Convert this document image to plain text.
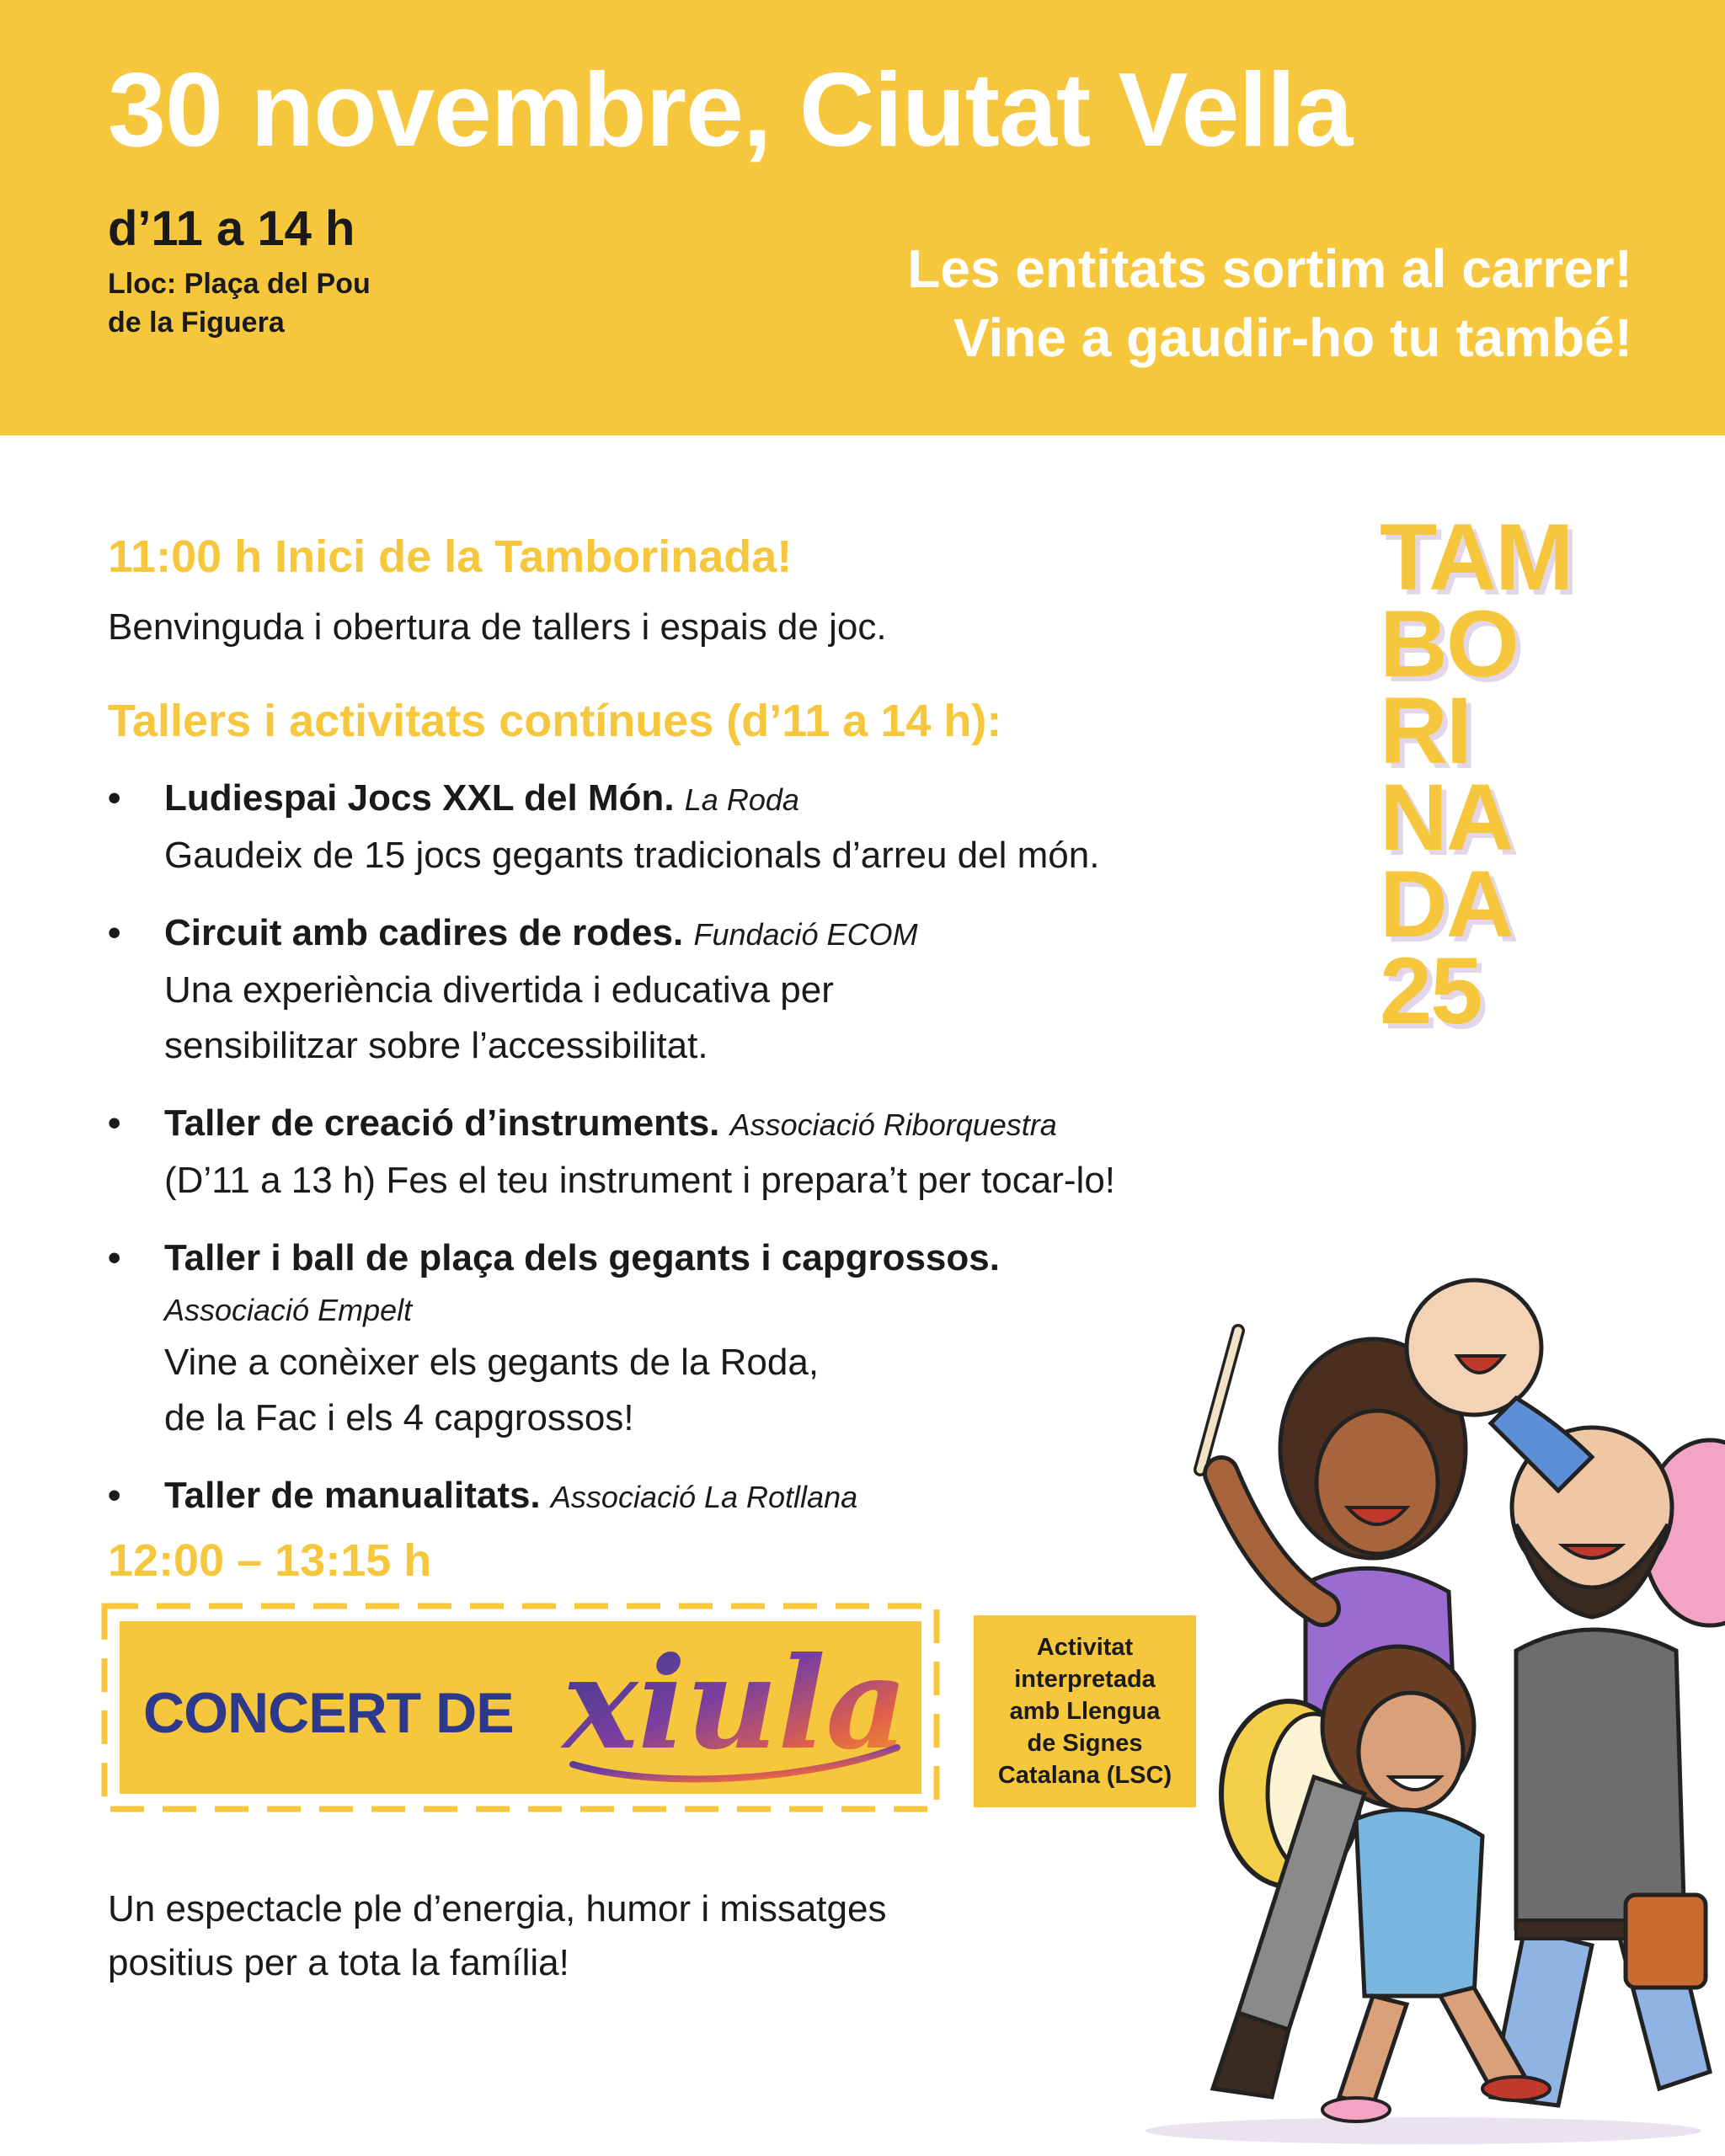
30 novembre, Ciutat Vella
d’11 a 14 h
Lloc: Plaça del Pou
de la Figuera
Les entitats sortim al carrer!
Vine a gaudir-ho tu també!
11:00 h Inici de la Tamborinada!
Benvinguda i obertura de tallers i espais de joc.
Tallers i activitats contínues (d’11 a 14 h):
• Ludiespai Jocs XXL del Món. La Roda
Gaudeix de 15 jocs gegants tradicionals d’arreu del món.
• Circuit amb cadires de rodes. Fundació ECOM
Una experiència divertida i educativa per
sensibilitzar sobre l’accessibilitat.
• Taller de creació d’instruments. Associació Riborquestra
(D’11 a 13 h) Fes el teu instrument i prepara’t per tocar-lo!
• Taller i ball de plaça dels gegants i capgrossos.
Associació Empelt
Vine a conèixer els gegants de la Roda,
de la Fac i els 4 capgrossos!
• Taller de manualitats. Associació La Rotllana
12:00 – 13:15 h
CONCERT DE xiula	Activitat
interpretada
amb Llengua
de Signes
Catalana (LSC)
Un espectacle ple d’energia, humor i missatges
positius per a tota la família!
TAM
BO
RI
NA
DA
25
